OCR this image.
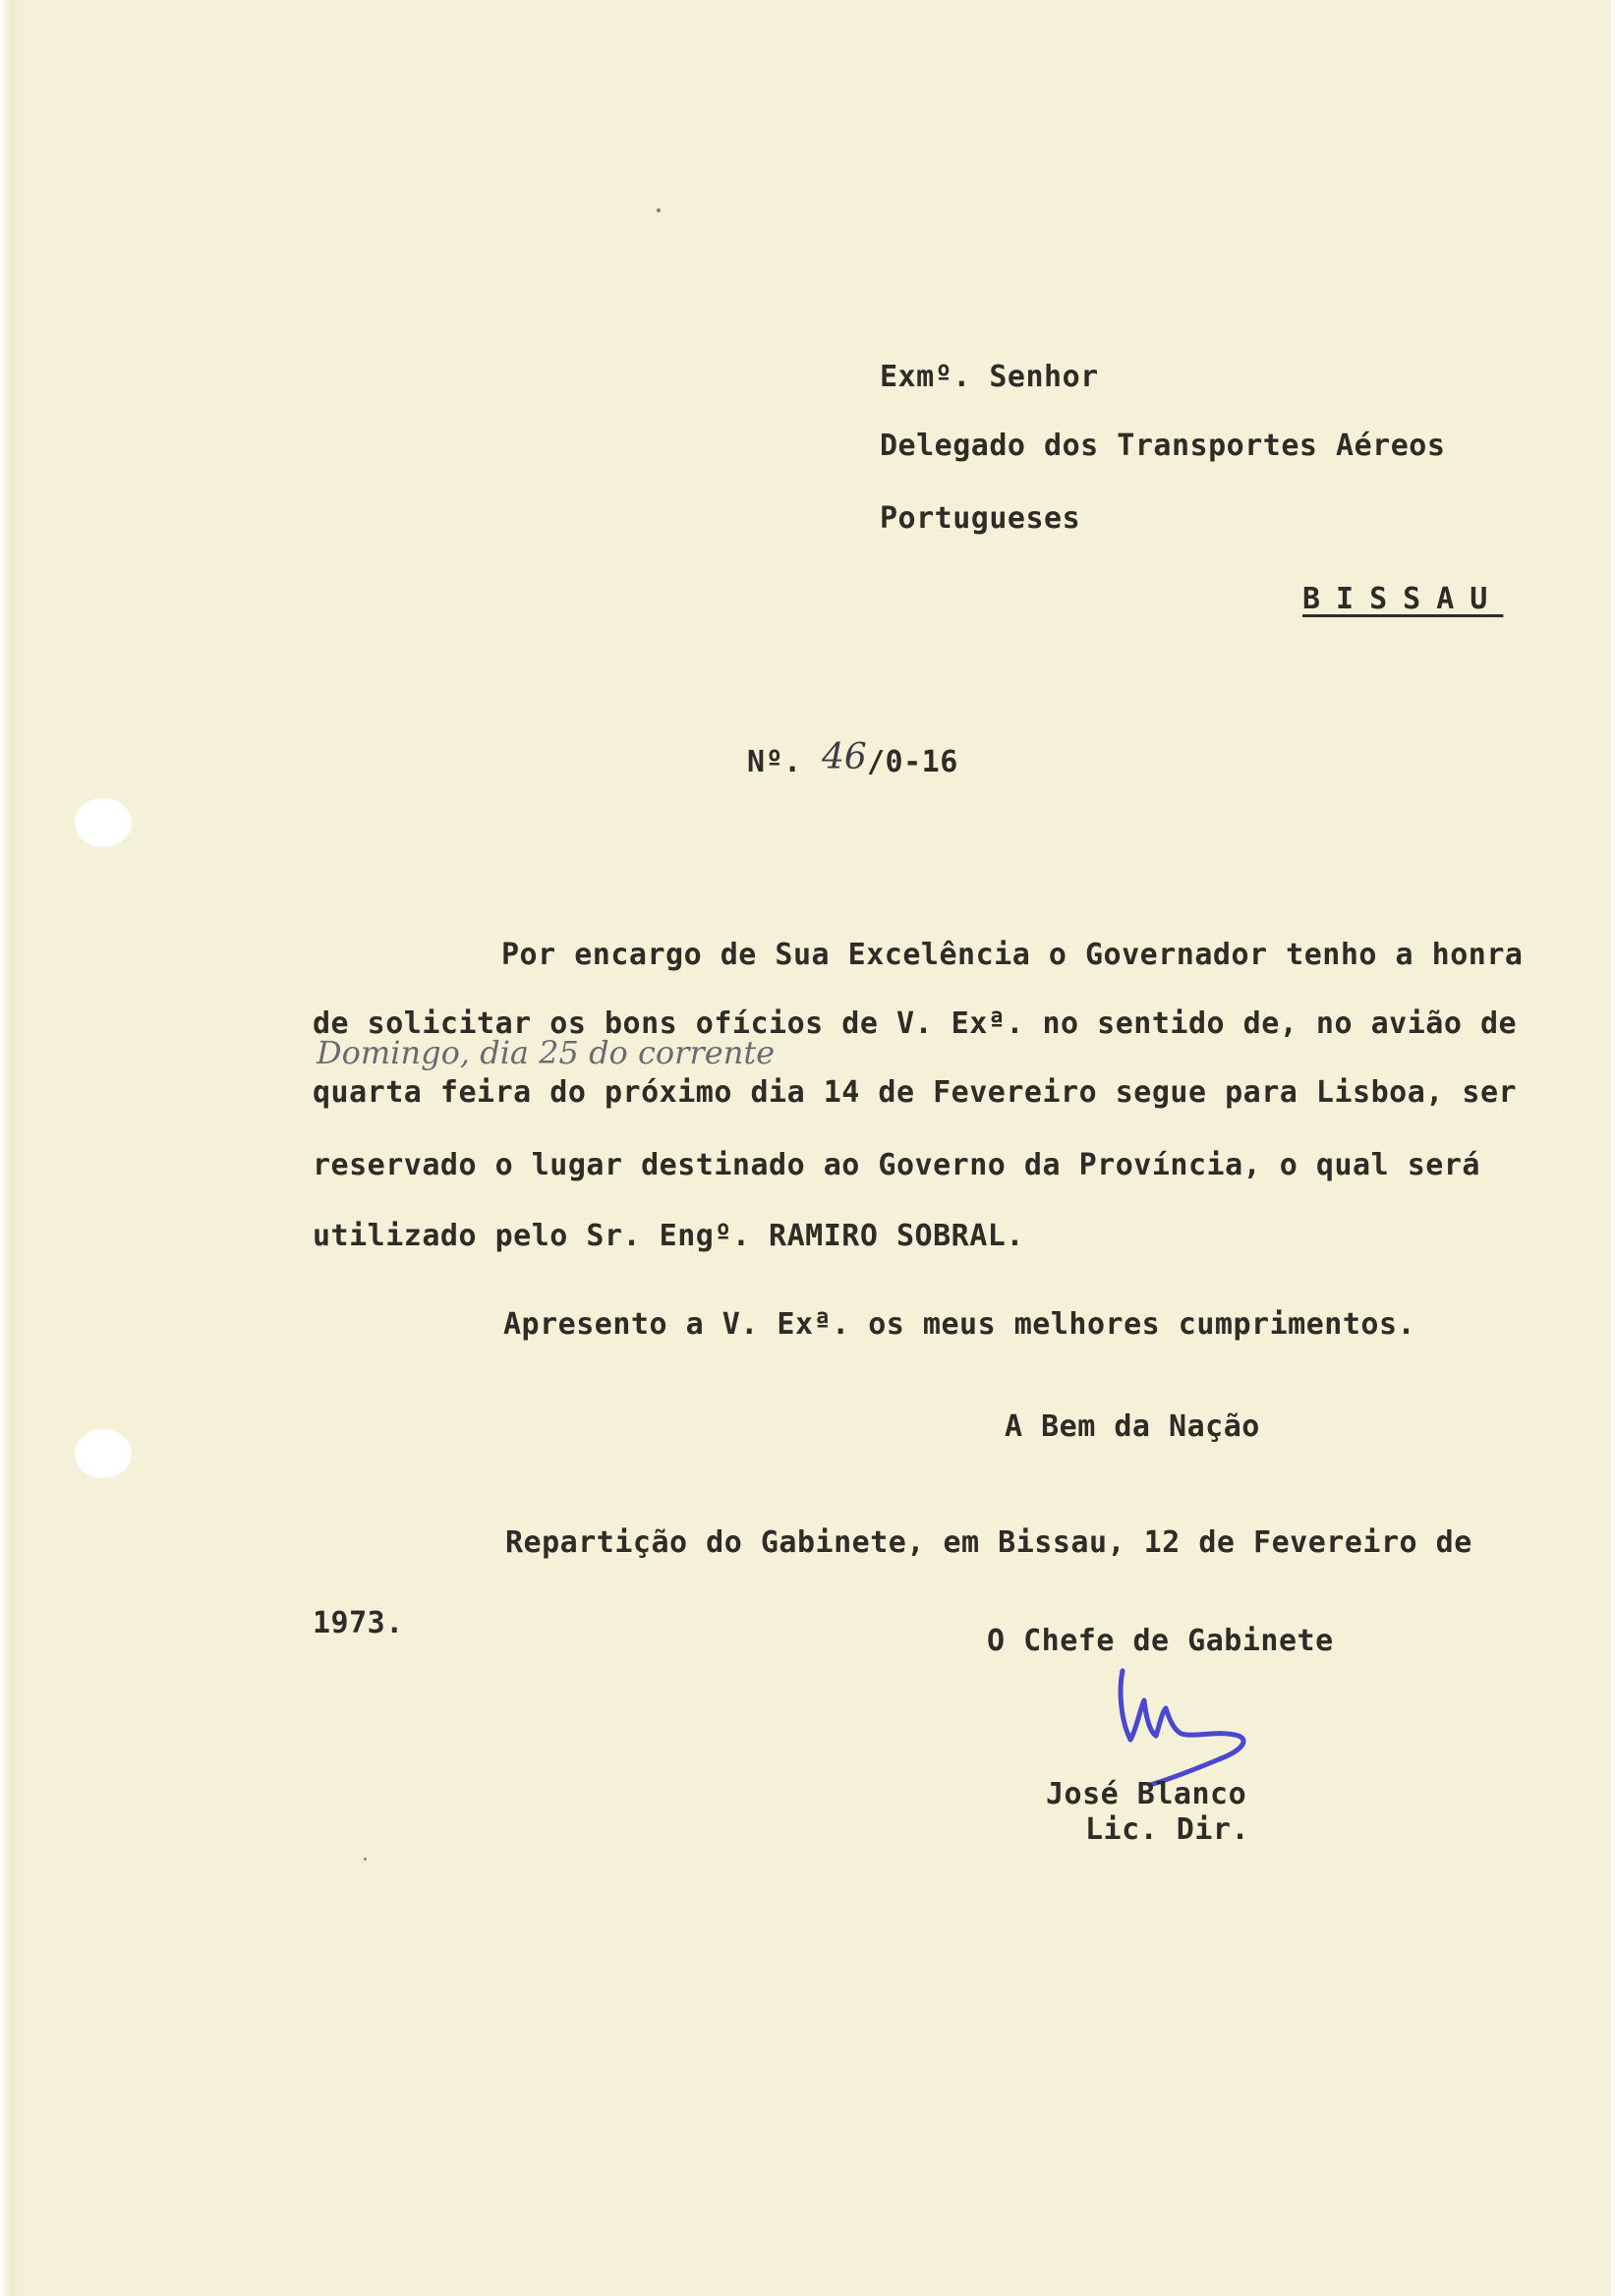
Exmº. Senhor
Delegado dos Transportes Aéreos
Portugueses
BISSAU
Nº. 46 /0-16
Por encargo de Sua Excelência o Governador tenho a honra
de solicitar os bons ofícios de V. Exª. no sentido de, no avião de
Domingo, dia 25 do corrente
quarta feira do próximo dia 14 de Fevereiro segue para Lisboa, ser
reservado o lugar destinado ao Governo da Província, o qual será
utilizado pelo Sr. Engº. RAMIRO SOBRAL.
Apresento a V. Exª. os meus melhores cumprimentos.
A Bem da Nação
Repartição do Gabinete, em Bissau, 12 de Fevereiro de
1973.
O Chefe de Gabinete
José Blanco
Lic. Dir.
